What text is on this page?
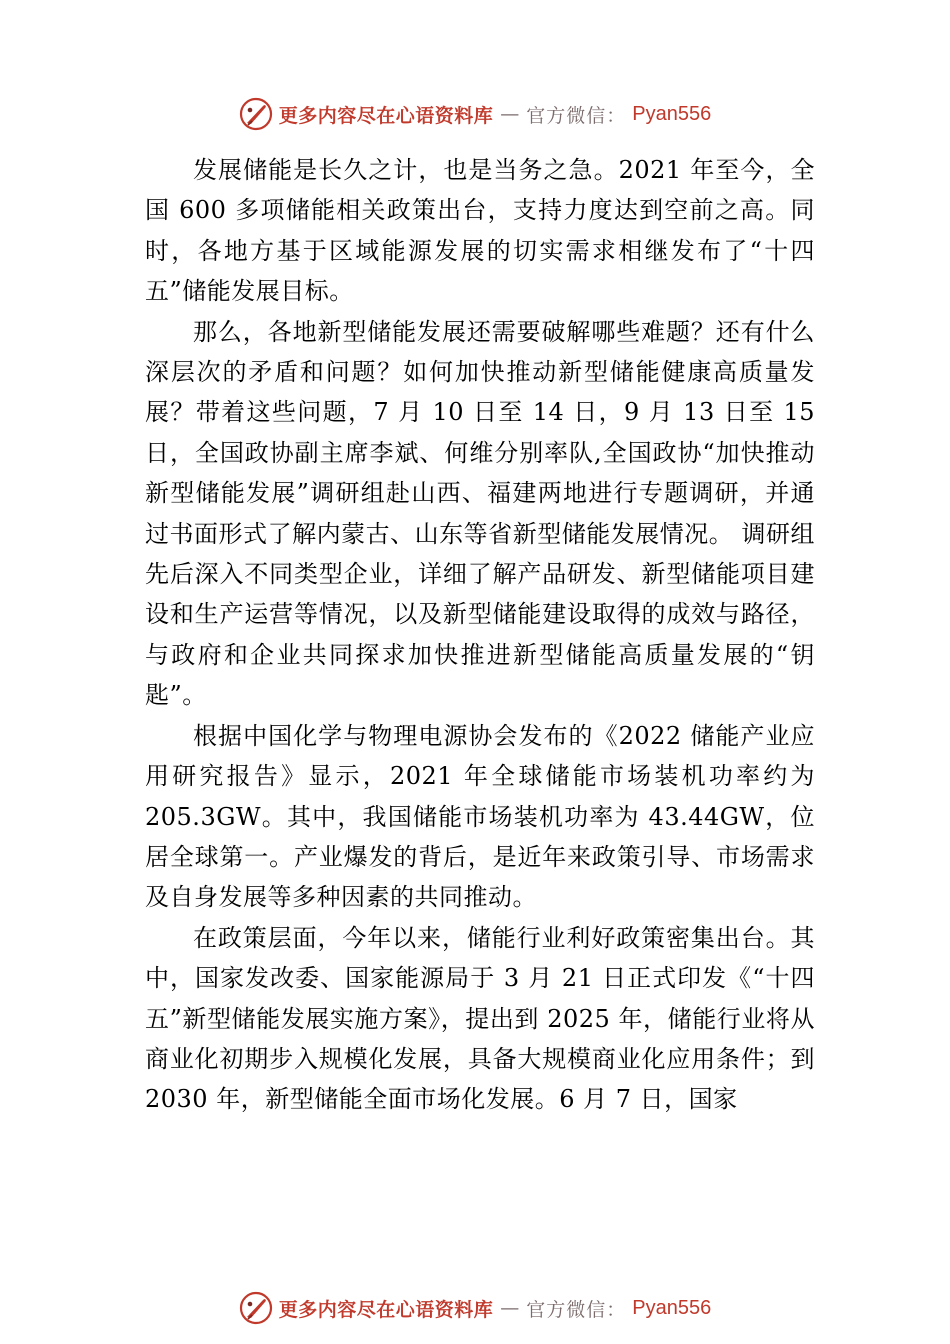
更多内容尽在心语资料库 — 官方微信： Pyan556

发展储能是长久之计，也是当务之急。2021 年至今，全国 600 多项储能相关政策出台，支持力度达到空前之高。同时，各地方基于区域能源发展的切实需求相继发布了“十四五”储能发展目标。

那么，各地新型储能发展还需要破解哪些难题？还有什么深层次的矛盾和问题？如何加快推动新型储能健康高质量发展？带着这些问题，7 月 10 日至 14 日，9 月 13 日至 15 日，全国政协副主席李斌、何维分别率队,全国政协“加快推动新型储能发展”调研组赴山西、福建两地进行专题调研，并通过书面形式了解内蒙古、山东等省新型储能发展情况。 调研组先后深入不同类型企业，详细了解产品研发、新型储能项目建设和生产运营等情况，以及新型储能建设取得的成效与路径，与政府和企业共同探求加快推进新型储能高质量发展的“钥匙”。

根据中国化学与物理电源协会发布的《2022 储能产业应用研究报告》显示，2021 年全球储能市场装机功率约为 205.3GW。其中，我国储能市场装机功率为 43.44GW，位居全球第一。产业爆发的背后，是近年来政策引导、市场需求及自身发展等多种因素的共同推动。

在政策层面，今年以来，储能行业利好政策密集出台。其中，国家发改委、国家能源局于 3 月 21 日正式印发《“十四五”新型储能发展实施方案》，提出到 2025 年，储能行业将从商业化初期步入规模化发展，具备大规模商业化应用条件；到 2030 年，新型储能全面市场化发展。6 月 7 日，国家

更多内容尽在心语资料库 — 官方微信： Pyan556
